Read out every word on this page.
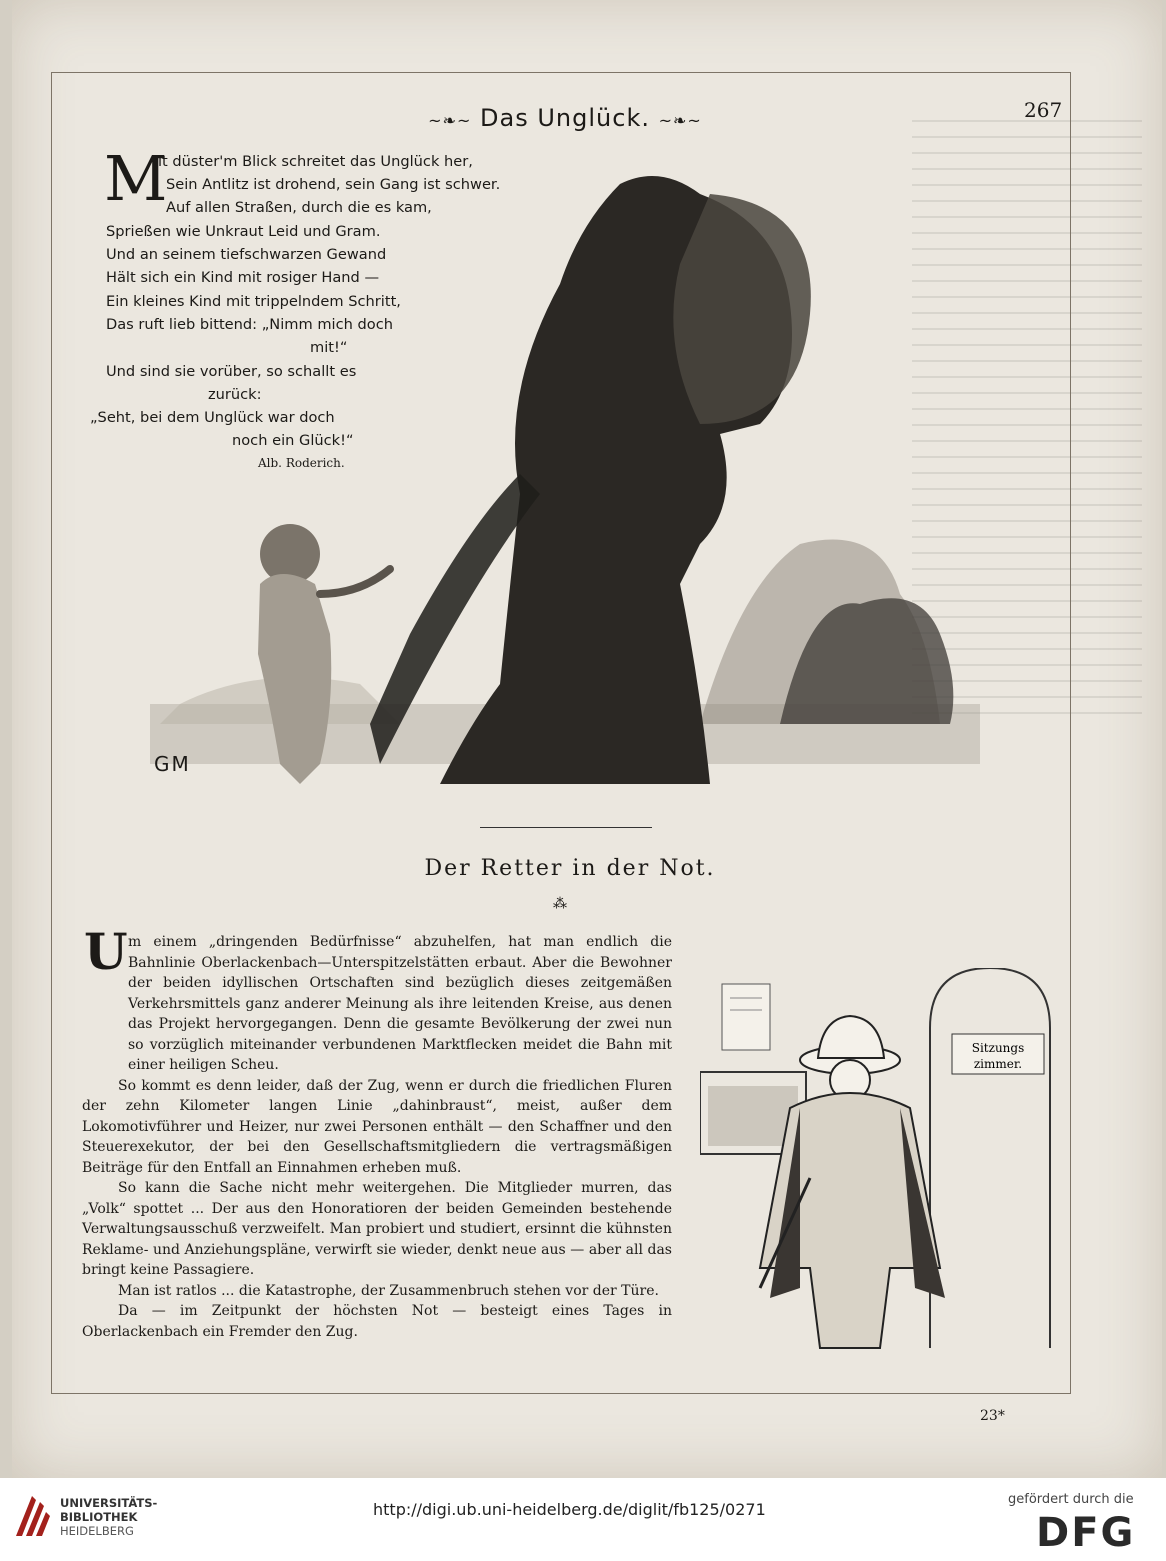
267
~❧~ Das Unglück. ~❧~
M
it düster'm Blick schreitet das Unglück her,
Sein Antlitz ist drohend, sein Gang ist schwer.
Auf allen Straßen, durch die es kam,
Sprießen wie Unkraut Leid und Gram.
Und an seinem tiefschwarzen Gewand
Hält sich ein Kind mit rosiger Hand —
Ein kleines Kind mit trippelndem Schritt,
Das ruft lieb bittend: „Nimm mich doch
mit!“
Und sind sie vorüber, so schallt es
zurück:
„Seht, bei dem Unglück war doch
noch ein Glück!“
Alb. Roderich.
GM
Der Retter in der Not.
⁂
U m einem „dringenden Bedürfnisse“ abzuhelfen, hat man endlich die Bahnlinie Oberlackenbach—Unterspitzelstätten erbaut. Aber die Bewohner der beiden idyllischen Ortschaften sind bezüglich dieses zeitgemäßen Verkehrsmittels ganz anderer Meinung als ihre leitenden Kreise, aus denen das Projekt hervorgegangen. Denn die gesamte Bevölkerung der zwei nun so vorzüglich miteinander verbundenen Marktflecken meidet die Bahn mit einer heiligen Scheu.

So kommt es denn leider, daß der Zug, wenn er durch die friedlichen Fluren der zehn Kilometer langen Linie „dahinbraust“, meist, außer dem Lokomotivführer und Heizer, nur zwei Personen enthält — den Schaffner und den Steuerexekutor, der bei den Gesellschaftsmitgliedern die vertragsmäßigen Beiträge für den Entfall an Einnahmen erheben muß.

So kann die Sache nicht mehr weitergehen. Die Mitglieder murren, das „Volk“ spottet ... Der aus den Honoratioren der beiden Gemeinden bestehende Verwaltungsausschuß verzweifelt. Man probiert und studiert, ersinnt die kühnsten Reklame- und Anziehungspläne, verwirft sie wieder, denkt neue aus — aber all das bringt keine Passagiere.

Man ist ratlos ... die Katastrophe, der Zusammenbruch stehen vor der Türe.

Da — im Zeitpunkt der höchsten Not — besteigt eines Tages in Oberlackenbach ein Fremder den Zug.

Sitzungs
zimmer.
23*
UNIVERSITÄTS-
BIBLIOTHEK
HEIDELBERG
http://digi.ub.uni-heidelberg.de/diglit/fb125/0271
gefördert durch die
DFG
